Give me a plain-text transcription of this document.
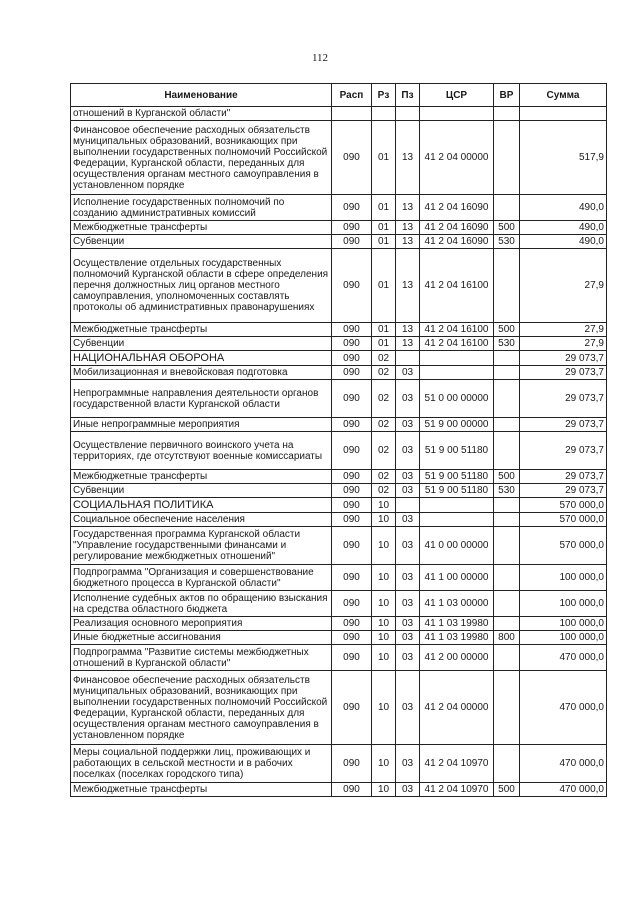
112
Наименование	Расп	Рз	Пз	ЦСР	ВР	Сумма
отношений в Курганской области"						
Финансовое обеспечение расходных обязательств муниципальных образований, возникающих при выполнении государственных полномочий Российской Федерации, Курганской области, переданных для осуществления органам местного самоуправления в установленном порядке	090	01	13	41 2 04 00000		517,9
Исполнение государственных полномочий по созданию административных комиссий	090	01	13	41 2 04 16090		490,0
Межбюджетные трансферты	090	01	13	41 2 04 16090	500	490,0
Субвенции	090	01	13	41 2 04 16090	530	490,0
Осуществление отдельных государственных полномочий Курганской области в сфере определения перечня должностных лиц органов местного самоуправления, уполномоченных составлять протоколы об административных правонарушениях	090	01	13	41 2 04 16100		27,9
Межбюджетные трансферты	090	01	13	41 2 04 16100	500	27,9
Субвенции	090	01	13	41 2 04 16100	530	27,9
НАЦИОНАЛЬНАЯ ОБОРОНА	090	02				29 073,7
Мобилизационная и вневойсковая подготовка	090	02	03			29 073,7
Непрограммные направления деятельности органов государственной власти Курганской области	090	02	03	51 0 00 00000		29 073,7
Иные непрограммные мероприятия	090	02	03	51 9 00 00000		29 073,7
Осуществление первичного воинского учета на территориях, где отсутствуют военные комиссариаты	090	02	03	51 9 00 51180		29 073,7
Межбюджетные трансферты	090	02	03	51 9 00 51180	500	29 073,7
Субвенции	090	02	03	51 9 00 51180	530	29 073,7
СОЦИАЛЬНАЯ ПОЛИТИКА	090	10				570 000,0
Социальное обеспечение населения	090	10	03			570 000,0
Государственная программа Курганской области "Управление государственными финансами и регулирование межбюджетных отношений"	090	10	03	41 0 00 00000		570 000,0
Подпрограмма "Организация и совершенствование бюджетного процесса в Курганской области"	090	10	03	41 1 00 00000		100 000,0
Исполнение судебных актов по обращению взыскания на средства областного бюджета	090	10	03	41 1 03 00000		100 000,0
Реализация основного мероприятия	090	10	03	41 1 03 19980		100 000,0
Иные бюджетные ассигнования	090	10	03	41 1 03 19980	800	100 000,0
Подпрограмма "Развитие системы межбюджетных отношений в Курганской области"	090	10	03	41 2 00 00000		470 000,0
Финансовое обеспечение расходных обязательств муниципальных образований, возникающих при выполнении государственных полномочий Российской Федерации, Курганской области, переданных для осуществления органам местного самоуправления в установленном порядке	090	10	03	41 2 04 00000		470 000,0
Меры социальной поддержки лиц, проживающих и работающих в сельской местности и в рабочих поселках (поселках городского типа)	090	10	03	41 2 04 10970		470 000,0
Межбюджетные трансферты	090	10	03	41 2 04 10970	500	470 000,0
